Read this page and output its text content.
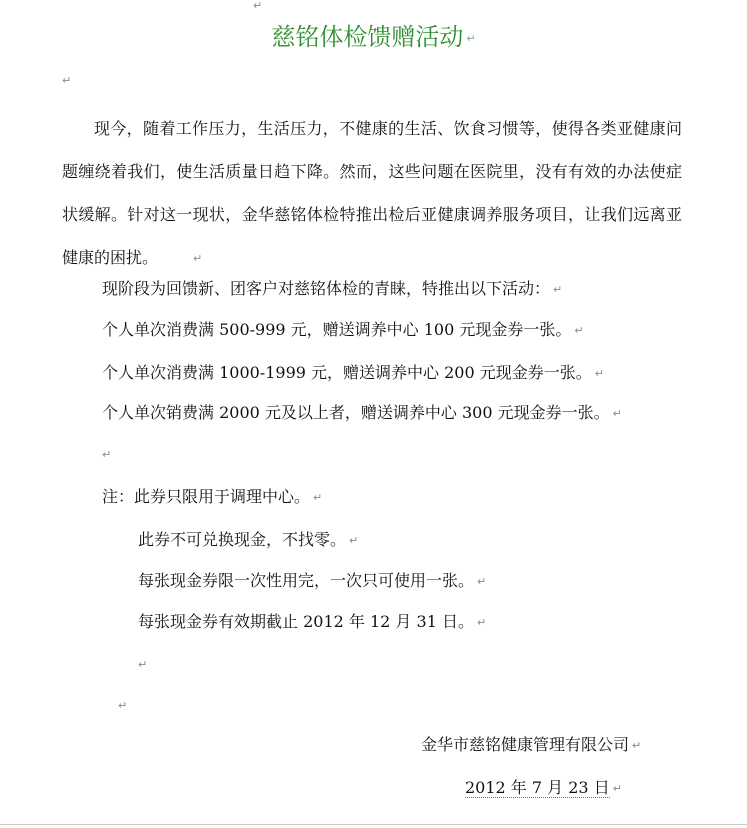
↵
慈铭体检馈赠活动 ↵
↵

现今，随着工作压力，生活压力，不健康的生活、饮食习惯等，使得各类亚健康问题缠绕着我们，使生活质量日趋下降。然而，这些问题在医院里，没有有效的办法使症状缓解。针对这一现状，金华慈铭体检特推出检后亚健康调养服务项目，让我们远离亚健康的困扰。	↵

现阶段为回馈新、团客户对慈铭体检的青睐，特推出以下活动： ↵
个人单次消费满 500-999 元，赠送调养中心 100 元现金券一张。 ↵
个人单次消费满 1000-1999 元，赠送调养中心 200 元现金券一张。 ↵
个人单次销费满 2000 元及以上者，赠送调养中心 300 元现金券一张。 ↵
↵
注：此券只限用于调理中心。 ↵
此券不可兑换现金，不找零。 ↵
每张现金券限一次性用完，一次只可使用一张。 ↵
每张现金券有效期截止 2012 年 12 月 31 日。 ↵
↵
↵
金华市慈铭健康管理有限公司 ↵
2012 年 7 月 23 日 ↵
